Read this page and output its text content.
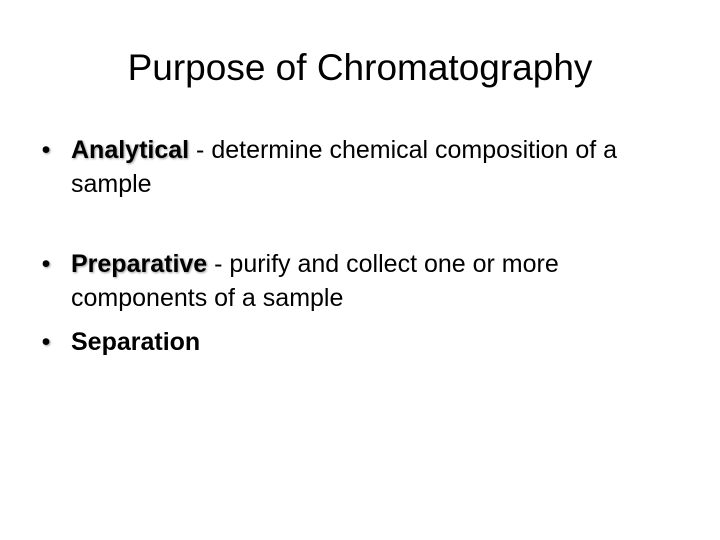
Purpose of Chromatography
• Analytical - determine chemical composition of a sample
• Preparative - purify and collect one or more components of a sample
• Separation
